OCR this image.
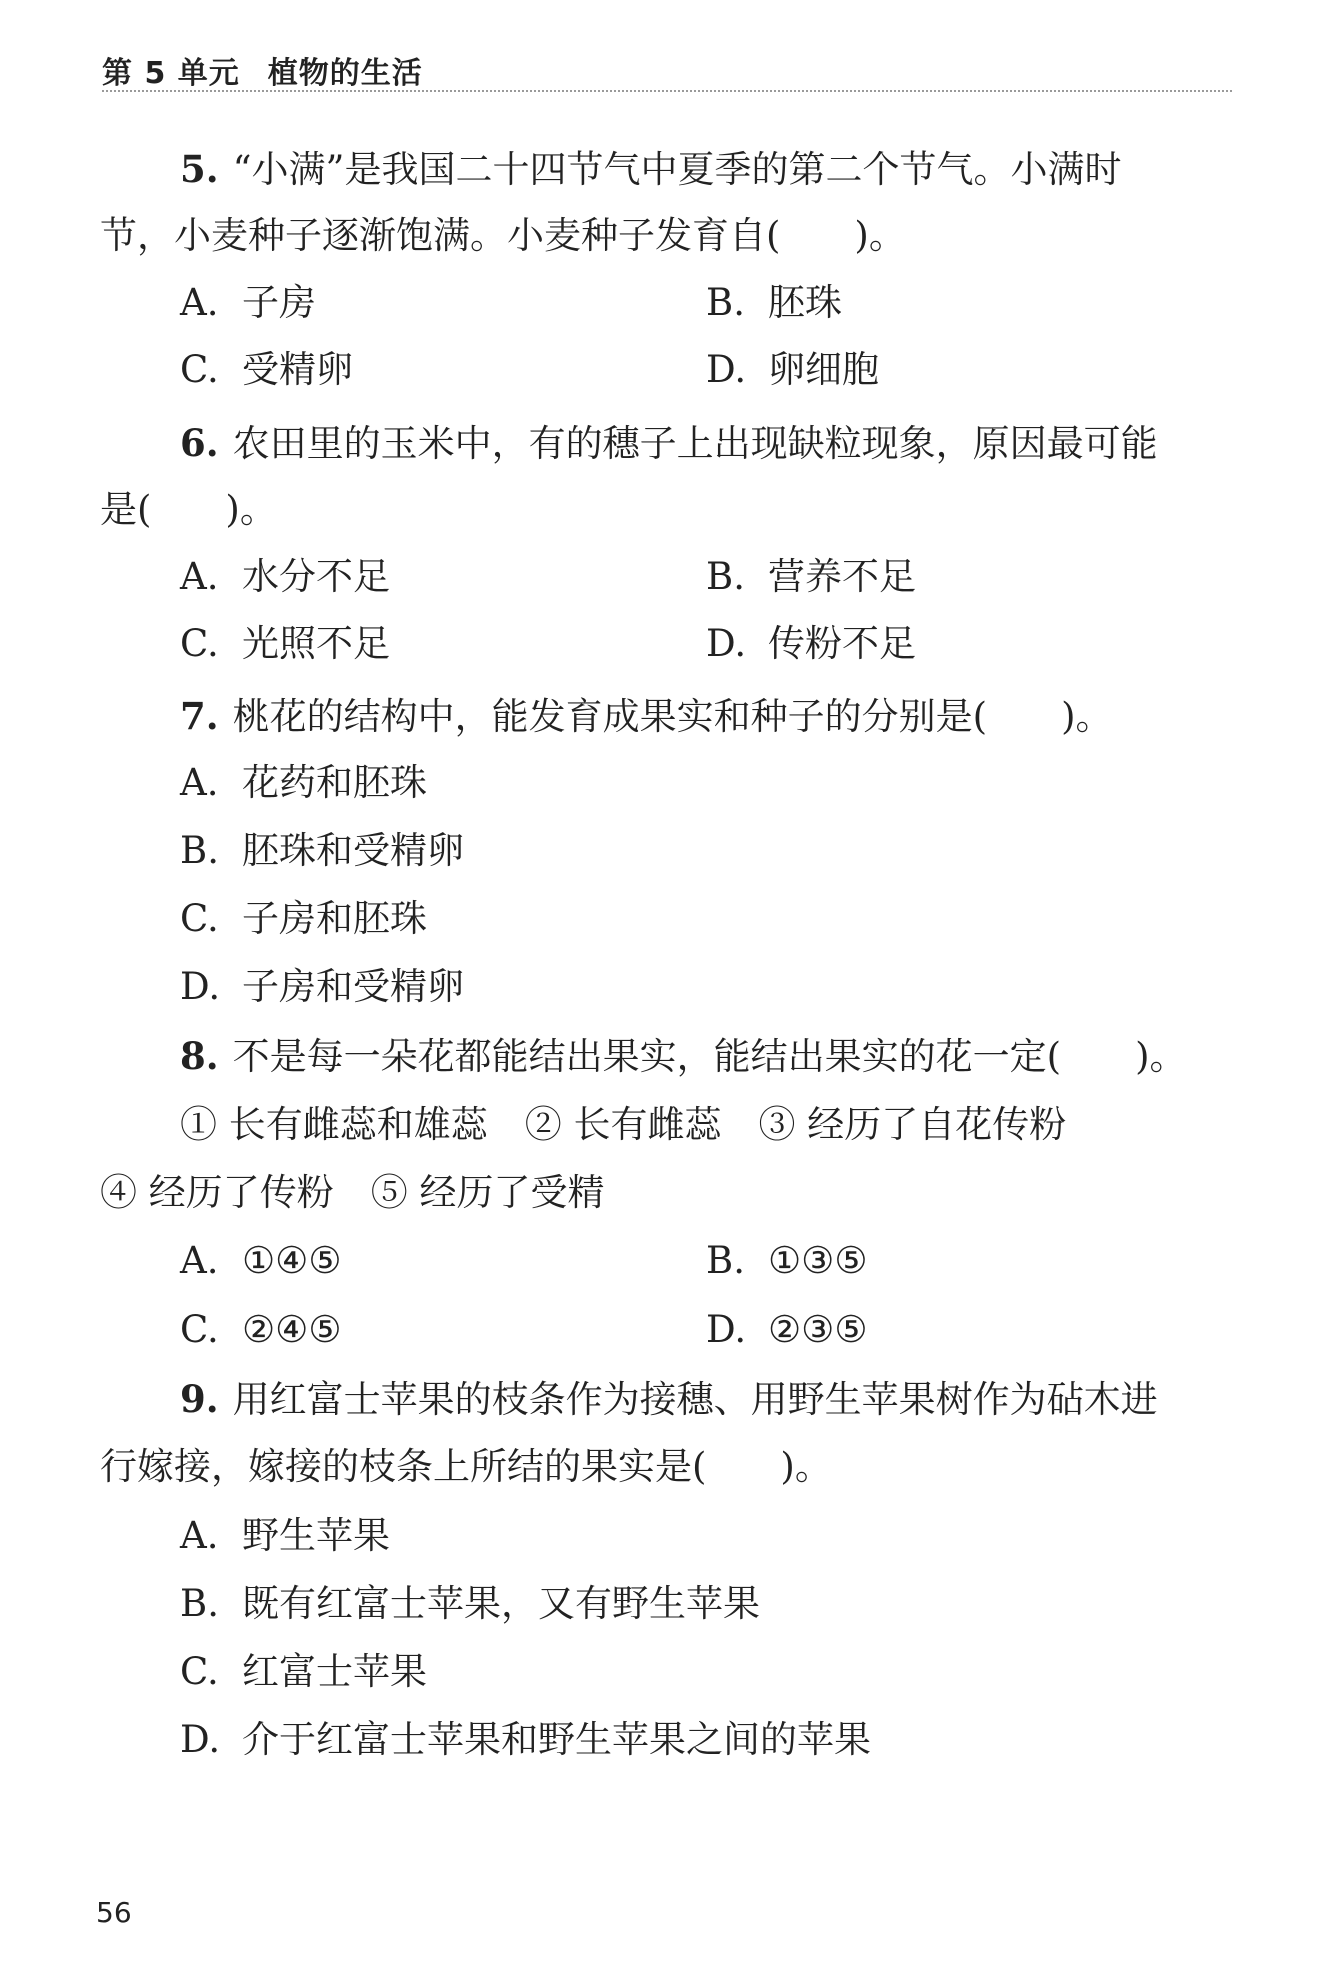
第 5 单元 植物的生活
5. “小满”是我国二十四节气中夏季的第二个节气。小满时
节，小麦种子逐渐饱满。小麦种子发育自(　　)。
A. 子房	B. 胚珠
C. 受精卵	D. 卵细胞
6. 农田里的玉米中，有的穗子上出现缺粒现象，原因最可能
是(　　)。
A. 水分不足	B. 营养不足
C. 光照不足	D. 传粉不足
7. 桃花的结构中，能发育成果实和种子的分别是(　　)。
A. 花药和胚珠
B. 胚珠和受精卵
C. 子房和胚珠
D. 子房和受精卵
8. 不是每一朵花都能结出果实，能结出果实的花一定(　　)。
① 长有雌蕊和雄蕊　② 长有雌蕊　③ 经历了自花传粉
④ 经历了传粉　⑤ 经历了受精
A. ①④⑤	B. ①③⑤
C. ②④⑤	D. ②③⑤
9. 用红富士苹果的枝条作为接穗、用野生苹果树作为砧木进
行嫁接，嫁接的枝条上所结的果实是(　　)。
A. 野生苹果
B. 既有红富士苹果，又有野生苹果
C. 红富士苹果
D. 介于红富士苹果和野生苹果之间的苹果
56
